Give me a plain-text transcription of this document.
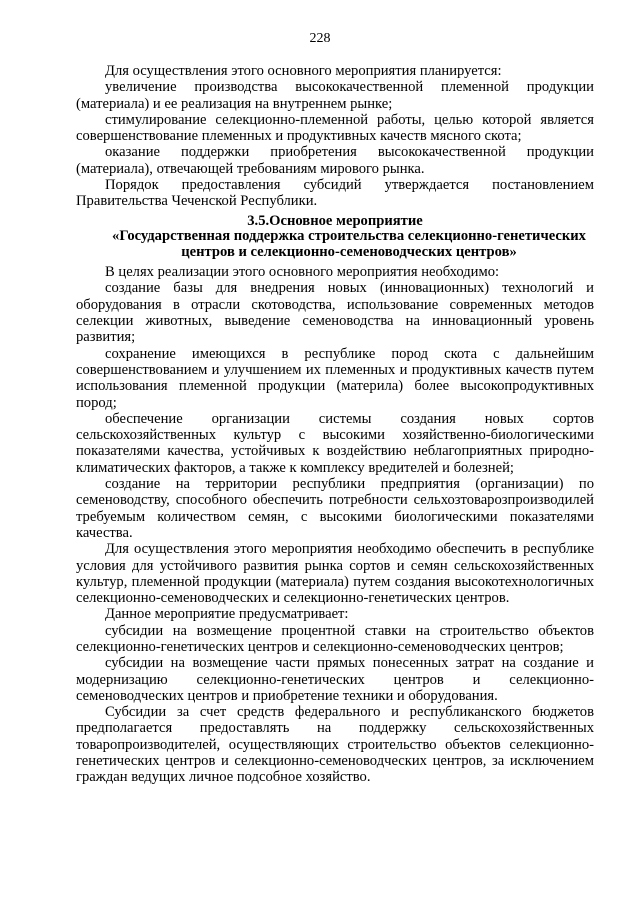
228

Для осуществления этого основного мероприятия планируется:

увеличение производства высококачественной племенной продукции (материала) и ее реализация на внутреннем рынке;

стимулирование селекционно-племенной работы, целью которой является совершенствование племенных и продуктивных качеств мясного скота;

оказание поддержки приобретения высококачественной продукции (материала), отвечающей требованиям мирового рынка.

Порядок предоставления субсидий утверждается постановлением Правительства Чеченской Республики.

3.5.Основное мероприятие

«Государственная поддержка строительства селекционно-генетических центров и селекционно-семеноводческих центров»

В целях реализации этого основного мероприятия необходимо:

создание базы для внедрения новых (инновационных) технологий и оборудования в отрасли скотоводства, использование современных методов селекции животных, выведение семеноводства на инновационный уровень развития;

сохранение имеющихся в республике пород скота с дальнейшим совершенствованием и улучшением их племенных и продуктивных качеств путем использования племенной продукции (материла) более высокопродуктивных пород;

обеспечение организации системы создания новых сортов сельскохозяйственных культур с высокими хозяйственно-биологическими показателями качества, устойчивых к воздействию неблагоприятных природно-климатических факторов, а также к комплексу вредителей и болезней;

создание на территории республики предприятия (организации) по семеноводству, способного обеспечить потребности сельхозтоварозпроизводилей требуемым количеством семян, с высокими биологическими показателями качества.

Для осуществления этого мероприятия необходимо обеспечить в республике условия для устойчивого развития рынка сортов и семян сельскохозяйственных культур, племенной продукции (материала) путем создания высокотехнологичных селекционно-семеноводческих и селекционно-генетических центров.

Данное мероприятие предусматривает:

субсидии на возмещение процентной ставки на строительство объектов селекционно-генетических центров и селекционно-семеноводческих центров;

субсидии на возмещение части прямых понесенных затрат на создание и модернизацию селекционно-генетических центров и селекционно-семеноводческих центров и приобретение техники и оборудования.

Субсидии за счет средств федерального и республиканского бюджетов предполагается предоставлять на поддержку сельскохозяйственных товаропроизводителей, осуществляющих строительство объектов селекционно-генетических центров и селекционно-семеноводческих центров, за исключением граждан ведущих личное подсобное хозяйство.
